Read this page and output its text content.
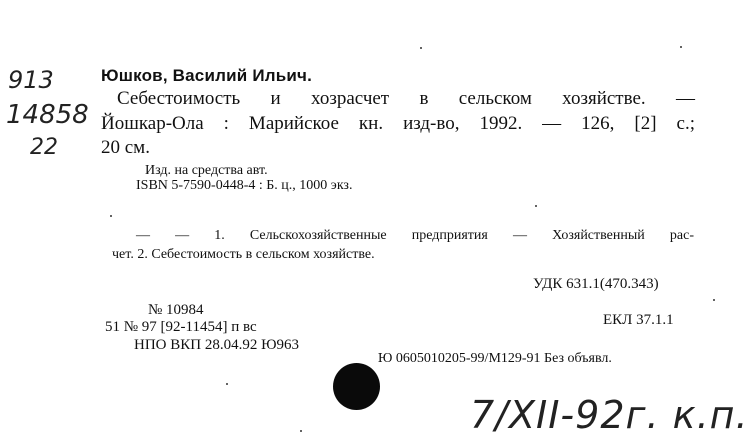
Юшков, Василий Ильич.
Себестоимость и хозрасчет в сельском хозяйстве. —
Йошкар-Ола : Марийское кн. изд-во, 1992. — 126, [2] с.;
20 см.
Изд. на средства авт.
ISBN 5-7590-0448-4 : Б. ц., 1000 экз.
— — 1. Сельскохозяйственные предприятия — Хозяйственный рас-
чет. 2. Себестоимость в сельском хозяйстве.
УДК 631.1(470.343)
№ 10984
ЕКЛ 37.1.1
51 № 97 [92-11454] п вс
НПО ВКП 28.04.92 Ю963
Ю 0605010205-99/М129-91 Без объявл.
913
14858
22
7/XII-92г. к.п.
